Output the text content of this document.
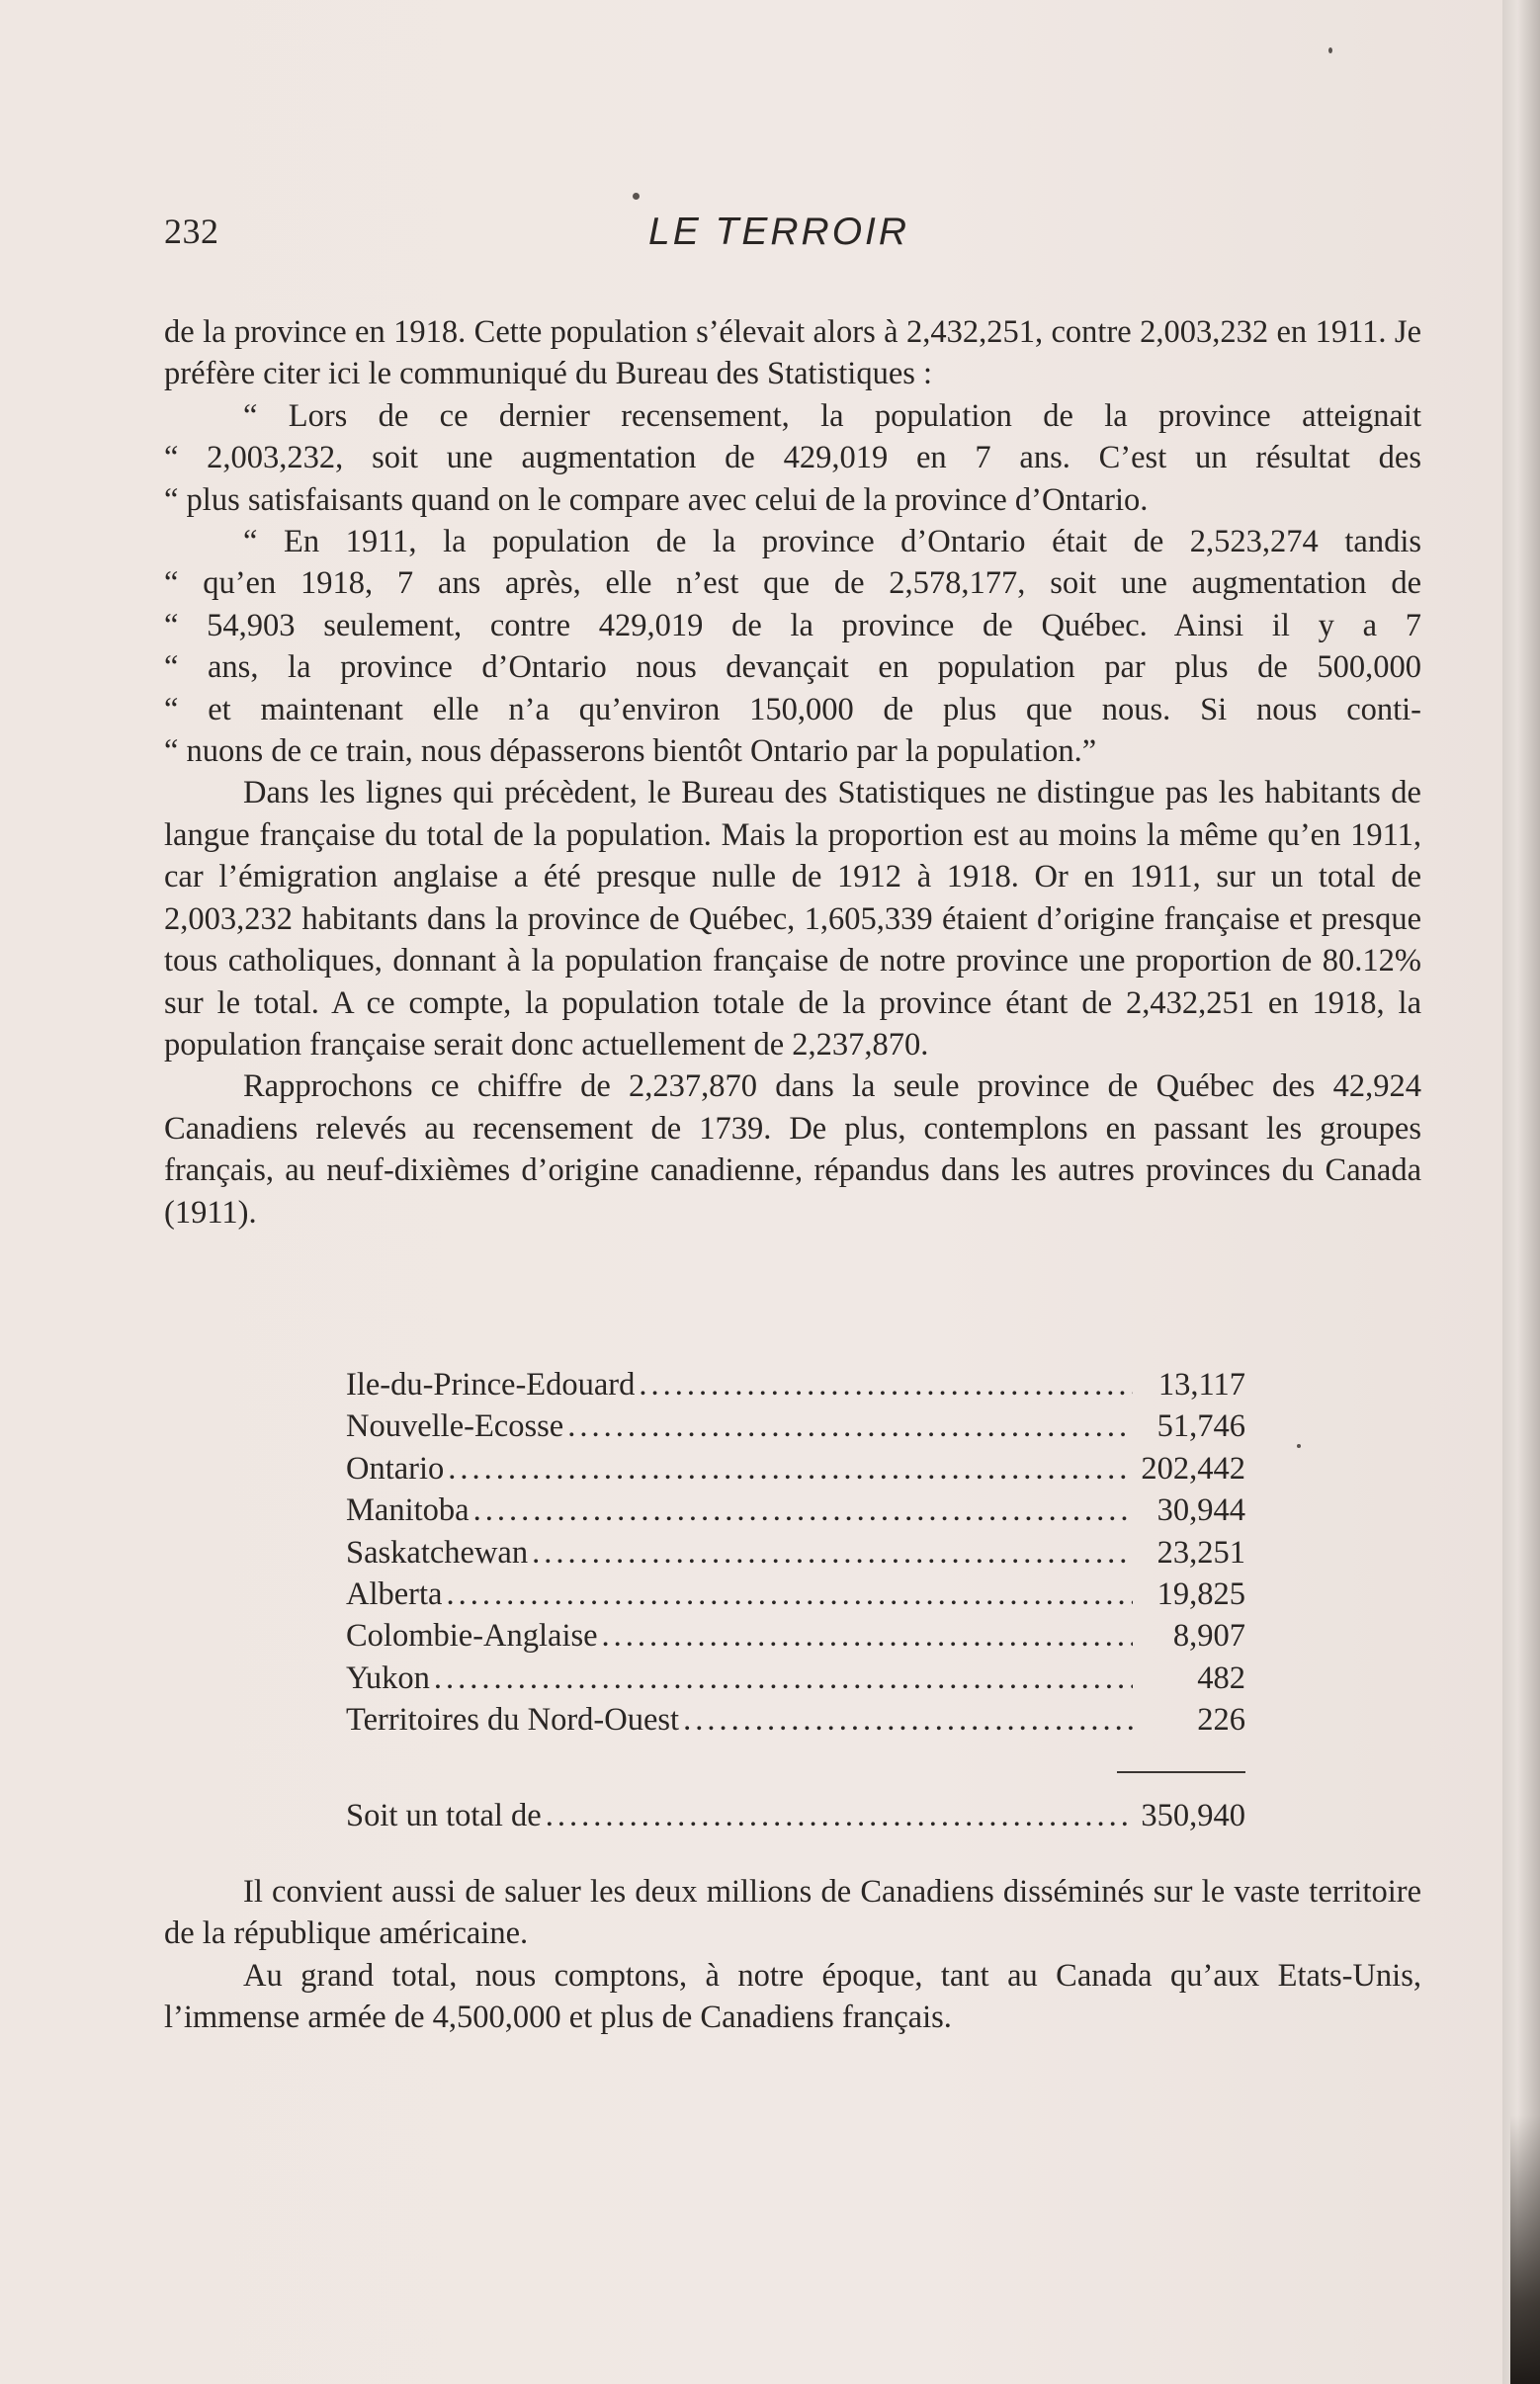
232	LE TERROIR

de la province en 1918. Cette population s’élevait alors à 2,432,251, contre 2,003,232 en 1911. Je préfère citer ici le communiqué du Bureau des Statistiques :

“ Lors de ce dernier recensement, la population de la province atteignait
“ 2,003,232, soit une augmentation de 429,019 en 7 ans. C’est un résultat des
“ plus satisfaisants quand on le compare avec celui de la province d’Ontario.
“ En 1911, la population de la province d’Ontario était de 2,523,274 tandis
“ qu’en 1918, 7 ans après, elle n’est que de 2,578,177, soit une augmentation de
“ 54,903 seulement, contre 429,019 de la province de Québec. Ainsi il y a 7
“ ans, la province d’Ontario nous devançait en population par plus de 500,000
“ et maintenant elle n’a qu’environ 150,000 de plus que nous. Si nous conti-
“ nuons de ce train, nous dépasserons bientôt Ontario par la population.”

Dans les lignes qui précèdent, le Bureau des Statistiques ne distingue pas les habitants de langue française du total de la population. Mais la proportion est au moins la même qu’en 1911, car l’émigration anglaise a été presque nulle de 1912 à 1918. Or en 1911, sur un total de 2,003,232 habitants dans la province de Québec, 1,605,339 étaient d’origine française et presque tous catholiques, donnant à la population française de notre province une proportion de 80.12% sur le total. A ce compte, la population totale de la province étant de 2,432,251 en 1918, la population française serait donc actuellement de 2,237,870.

Rapprochons ce chiffre de 2,237,870 dans la seule province de Québec des 42,924 Canadiens relevés au recensement de 1739. De plus, contemplons en passant les groupes français, au neuf-dixièmes d’origine canadienne, répandus dans les autres provinces du Canada (1911).

Ile-du-Prince-Edouard .....	13,117
Nouvelle-Ecosse .....	51,746
Ontario .....	202,442
Manitoba .....	30,944
Saskatchewan .....	23,251
Alberta .....	19,825
Colombie-Anglaise .....	8,907
Yukon .....	482
Territoires du Nord-Ouest .....	226
Soit un total de .....	350,940

Il convient aussi de saluer les deux millions de Canadiens disséminés sur le vaste territoire de la république américaine.

Au grand total, nous comptons, à notre époque, tant au Canada qu’aux Etats-Unis, l’immense armée de 4,500,000 et plus de Canadiens français.
